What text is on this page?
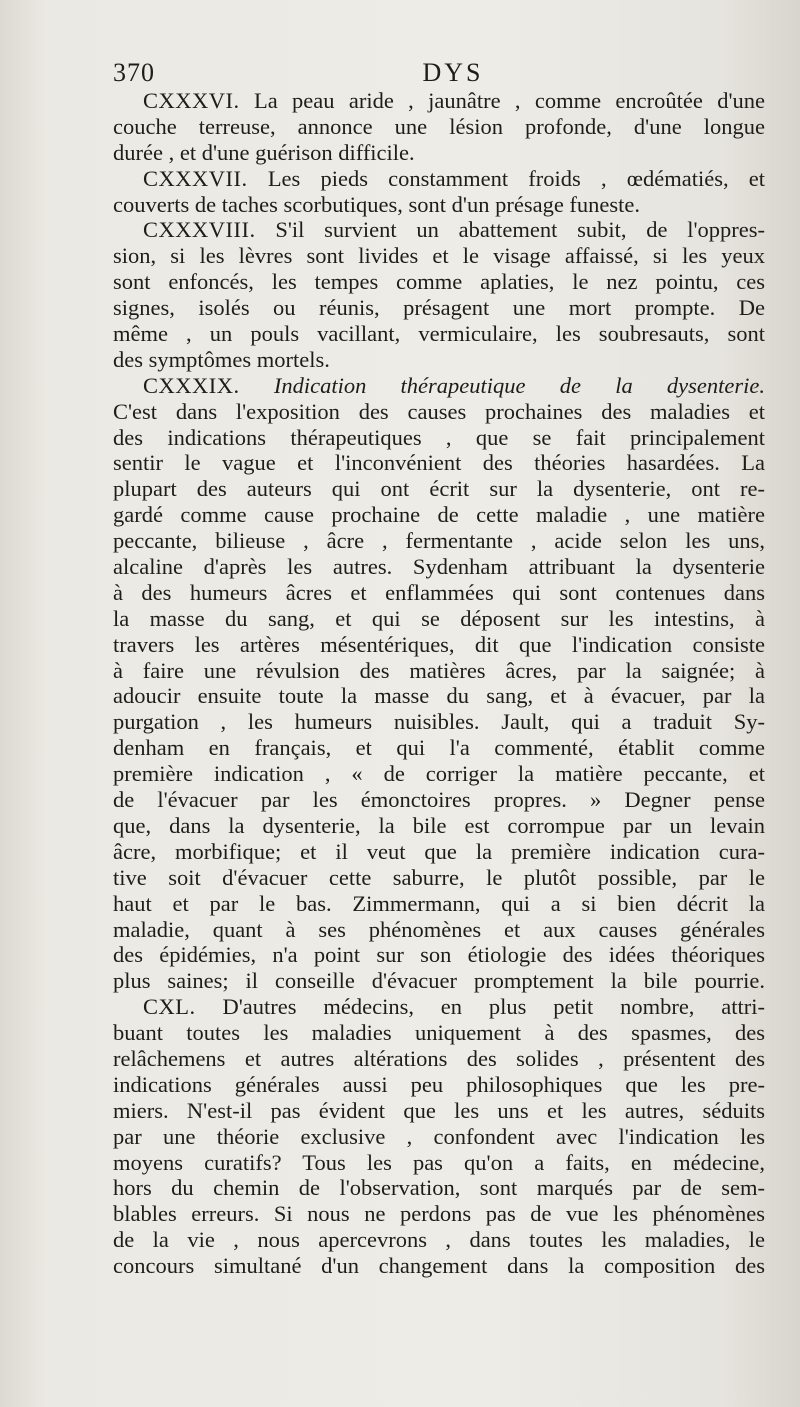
370	DYS
CXXXVI. La peau aride , jaunâtre , comme encroûtée d'une
couche terreuse, annonce une lésion profonde, d'une longue
durée , et d'une guérison difficile.
CXXXVII. Les pieds constamment froids , œdématiés, et
couverts de taches scorbutiques, sont d'un présage funeste.
CXXXVIII. S'il survient un abattement subit, de l'oppres-
sion, si les lèvres sont livides et le visage affaissé, si les yeux
sont enfoncés, les tempes comme aplaties, le nez pointu, ces
signes, isolés ou réunis, présagent une mort prompte. De
même , un pouls vacillant, vermiculaire, les soubresauts, sont
des symptômes mortels.
CXXXIX. Indication thérapeutique de la dysenterie.
C'est dans l'exposition des causes prochaines des maladies et
des indications thérapeutiques , que se fait principalement
sentir le vague et l'inconvénient des théories hasardées. La
plupart des auteurs qui ont écrit sur la dysenterie, ont re-
gardé comme cause prochaine de cette maladie , une matière
peccante, bilieuse , âcre , fermentante , acide selon les uns,
alcaline d'après les autres. Sydenham attribuant la dysenterie
à des humeurs âcres et enflammées qui sont contenues dans
la masse du sang, et qui se déposent sur les intestins, à
travers les artères mésentériques, dit que l'indication consiste
à faire une révulsion des matières âcres, par la saignée; à
adoucir ensuite toute la masse du sang, et à évacuer, par la
purgation , les humeurs nuisibles. Jault, qui a traduit Sy-
denham en français, et qui l'a commenté, établit comme
première indication , « de corriger la matière peccante, et
de l'évacuer par les émonctoires propres. » Degner pense
que, dans la dysenterie, la bile est corrompue par un levain
âcre, morbifique; et il veut que la première indication cura-
tive soit d'évacuer cette saburre, le plutôt possible, par le
haut et par le bas. Zimmermann, qui a si bien décrit la
maladie, quant à ses phénomènes et aux causes générales
des épidémies, n'a point sur son étiologie des idées théoriques
plus saines; il conseille d'évacuer promptement la bile pourrie.
CXL. D'autres médecins, en plus petit nombre, attri-
buant toutes les maladies uniquement à des spasmes, des
relâchemens et autres altérations des solides , présentent des
indications générales aussi peu philosophiques que les pre-
miers. N'est-il pas évident que les uns et les autres, séduits
par une théorie exclusive , confondent avec l'indication les
moyens curatifs? Tous les pas qu'on a faits, en médecine,
hors du chemin de l'observation, sont marqués par de sem-
blables erreurs. Si nous ne perdons pas de vue les phénomènes
de la vie , nous apercevrons , dans toutes les maladies, le
concours simultané d'un changement dans la composition des
